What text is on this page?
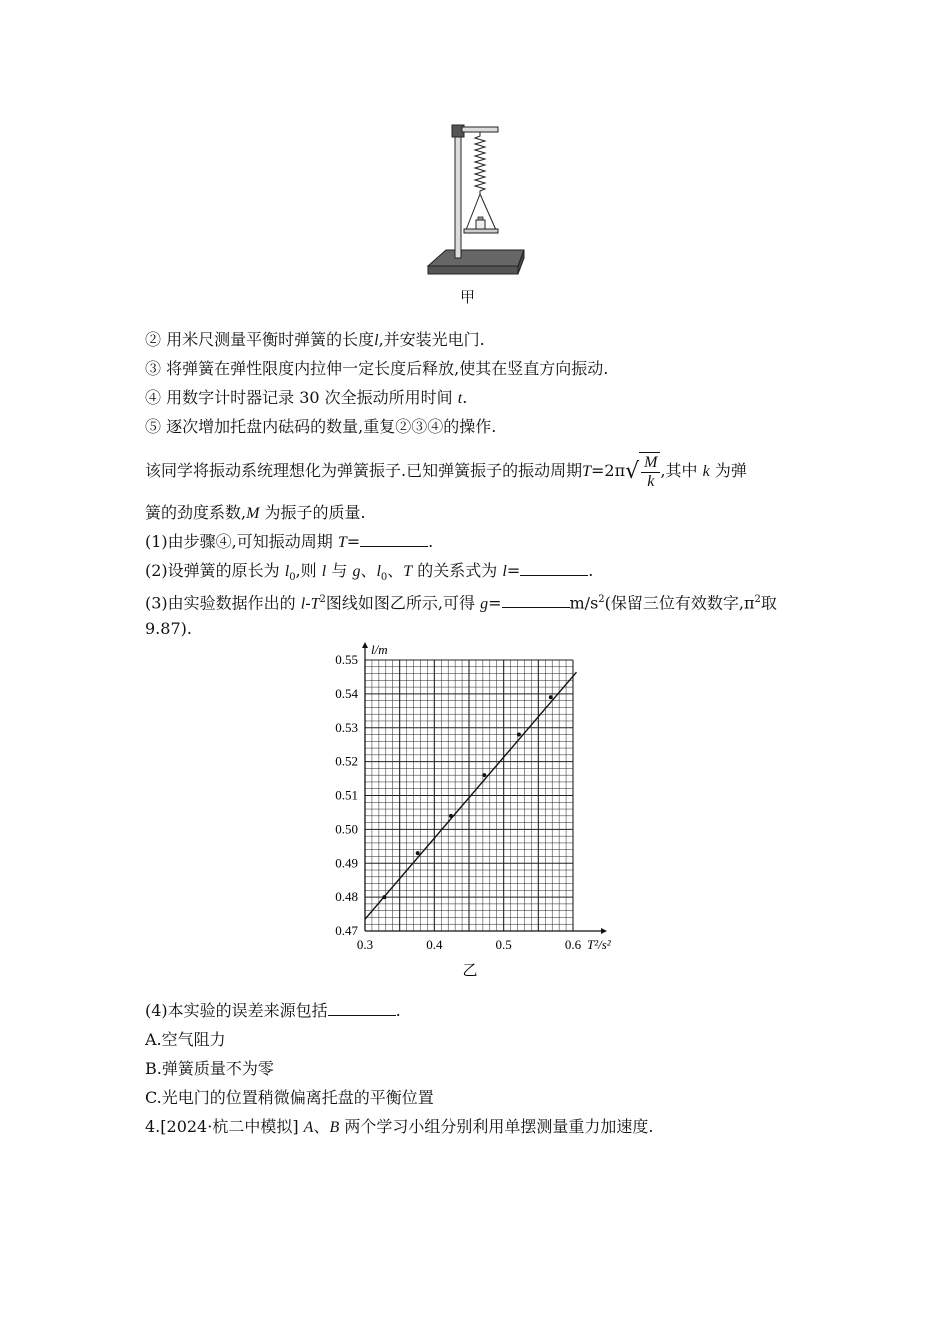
甲
② 用米尺测量平衡时弹簧的长度l,并安装光电门.
③ 将弹簧在弹性限度内拉伸一定长度后释放,使其在竖直方向振动.
④ 用数字计时器记录 30 次全振动所用时间 t.
⑤ 逐次增加托盘内砝码的数量,重复②③④的操作.
该同学将振动系统理想化为弹簧振子.已知弹簧振子的振动周期$T=2\pi√ \frac{M}{k}$ ,其中 k 为弹
簧的劲度系数,M 为振子的质量.
(1)由步骤④,可知振动周期 T=	.
(2)设弹簧的原长为 $l_0$,则 l 与 g、$l_0$、T 的关系式为 l=	.
(3)由实验数据作出的 $l-T^2$图线如图乙所示,可得 g=	$m/s^2$(保留三位有效数字$,\pi^2$取
9.87).
0.3	0.4	0.5	0.6
0.47
0.48
0.49
0.50
0.51
0.52
0.53
0.54
0.55
l/m
T²/s²
乙
(4)本实验的误差来源包括	.
A.空气阻力
B.弹簧质量不为零
C.光电门的位置稍微偏离托盘的平衡位置
4.[2024·杭二中模拟] A、B 两个学习小组分别利用单摆测量重力加速度.
